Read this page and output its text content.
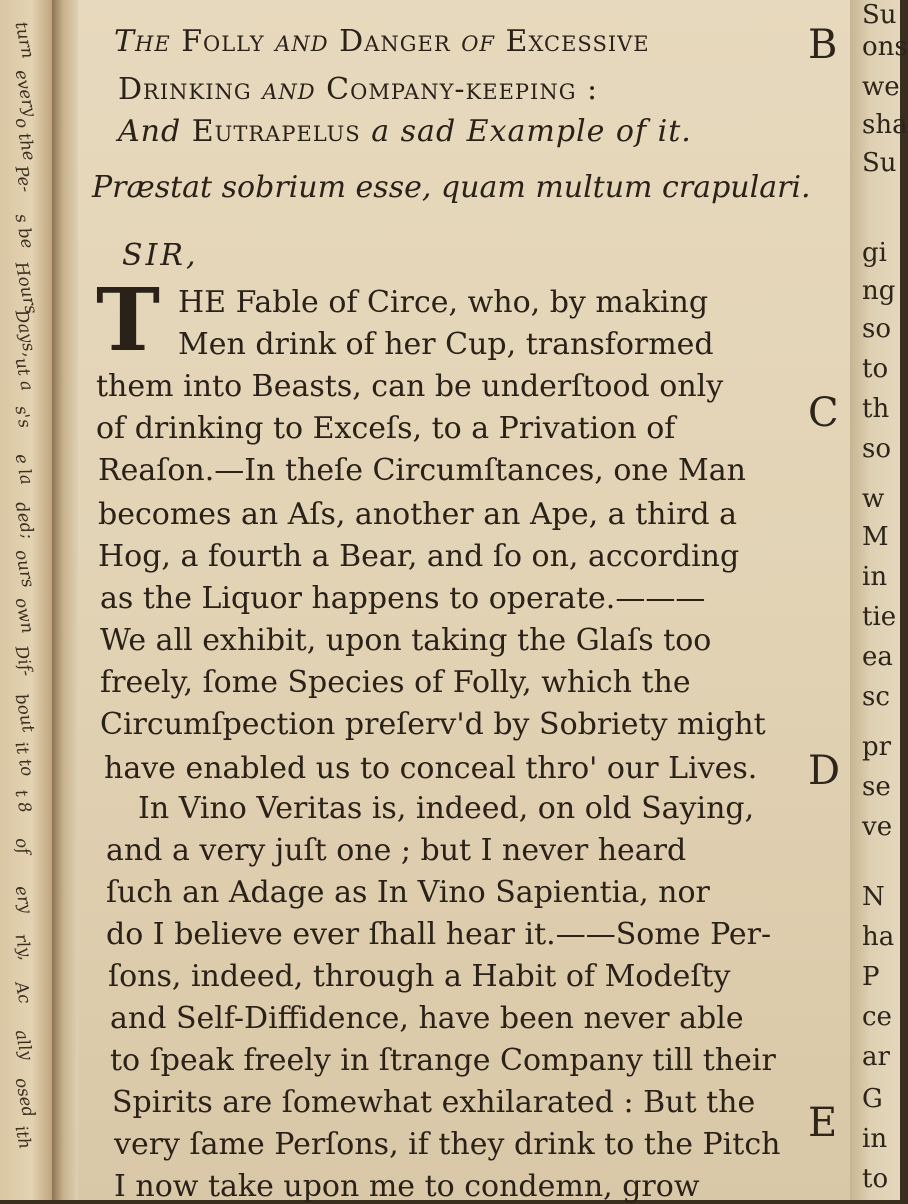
turn
every
o the
Pe-
s be
Hours
Days,
ut a
s's
e la
ded;
ours
own
Dif-
bout
it to
t 8
of
ery
rly,
Ac
ally
osed
ith
The Folly and Danger of Excessive
Drinking and Company-keeping :
And Eutrapelus a sad Example of it.
Præstat sobrium esse, quam multum crapulari.
SIR,
T HE Fable of Circe, who, by making
Men drink of her Cup, transformed
them into Beasts, can be underſtood only
of drinking to Exceſs, to a Privation of
Reaſon.—In theſe Circumſtances, one Man
becomes an Aſs, another an Ape, a third a
Hog, a fourth a Bear, and ſo on, according
as the Liquor happens to operate.———
We all exhibit, upon taking the Glaſs too
freely, ſome Species of Folly, which the
Circumſpection preſerv'd by Sobriety might
have enabled us to conceal thro' our Lives.
In Vino Veritas is, indeed, on old Saying,
and a very juſt one ; but I never heard
ſuch an Adage as In Vino Sapientia, nor
do I believe ever ſhall hear it.——Some Per-
ſons, indeed, through a Habit of Modeſty
and Self-Diffidence, have been never able
to ſpeak freely in ſtrange Company till their
Spirits are ſomewhat exhilarated : But the
very ſame Perſons, if they drink to the Pitch
I now take upon me to condemn, grow
Su
ons
we
sha
Su
gi
ng
so
to
th
so
w
M
in
tie
ea
sc
pr
se
ve
N
ha
P
ce
ar
G
in
to
B
C
D
E
